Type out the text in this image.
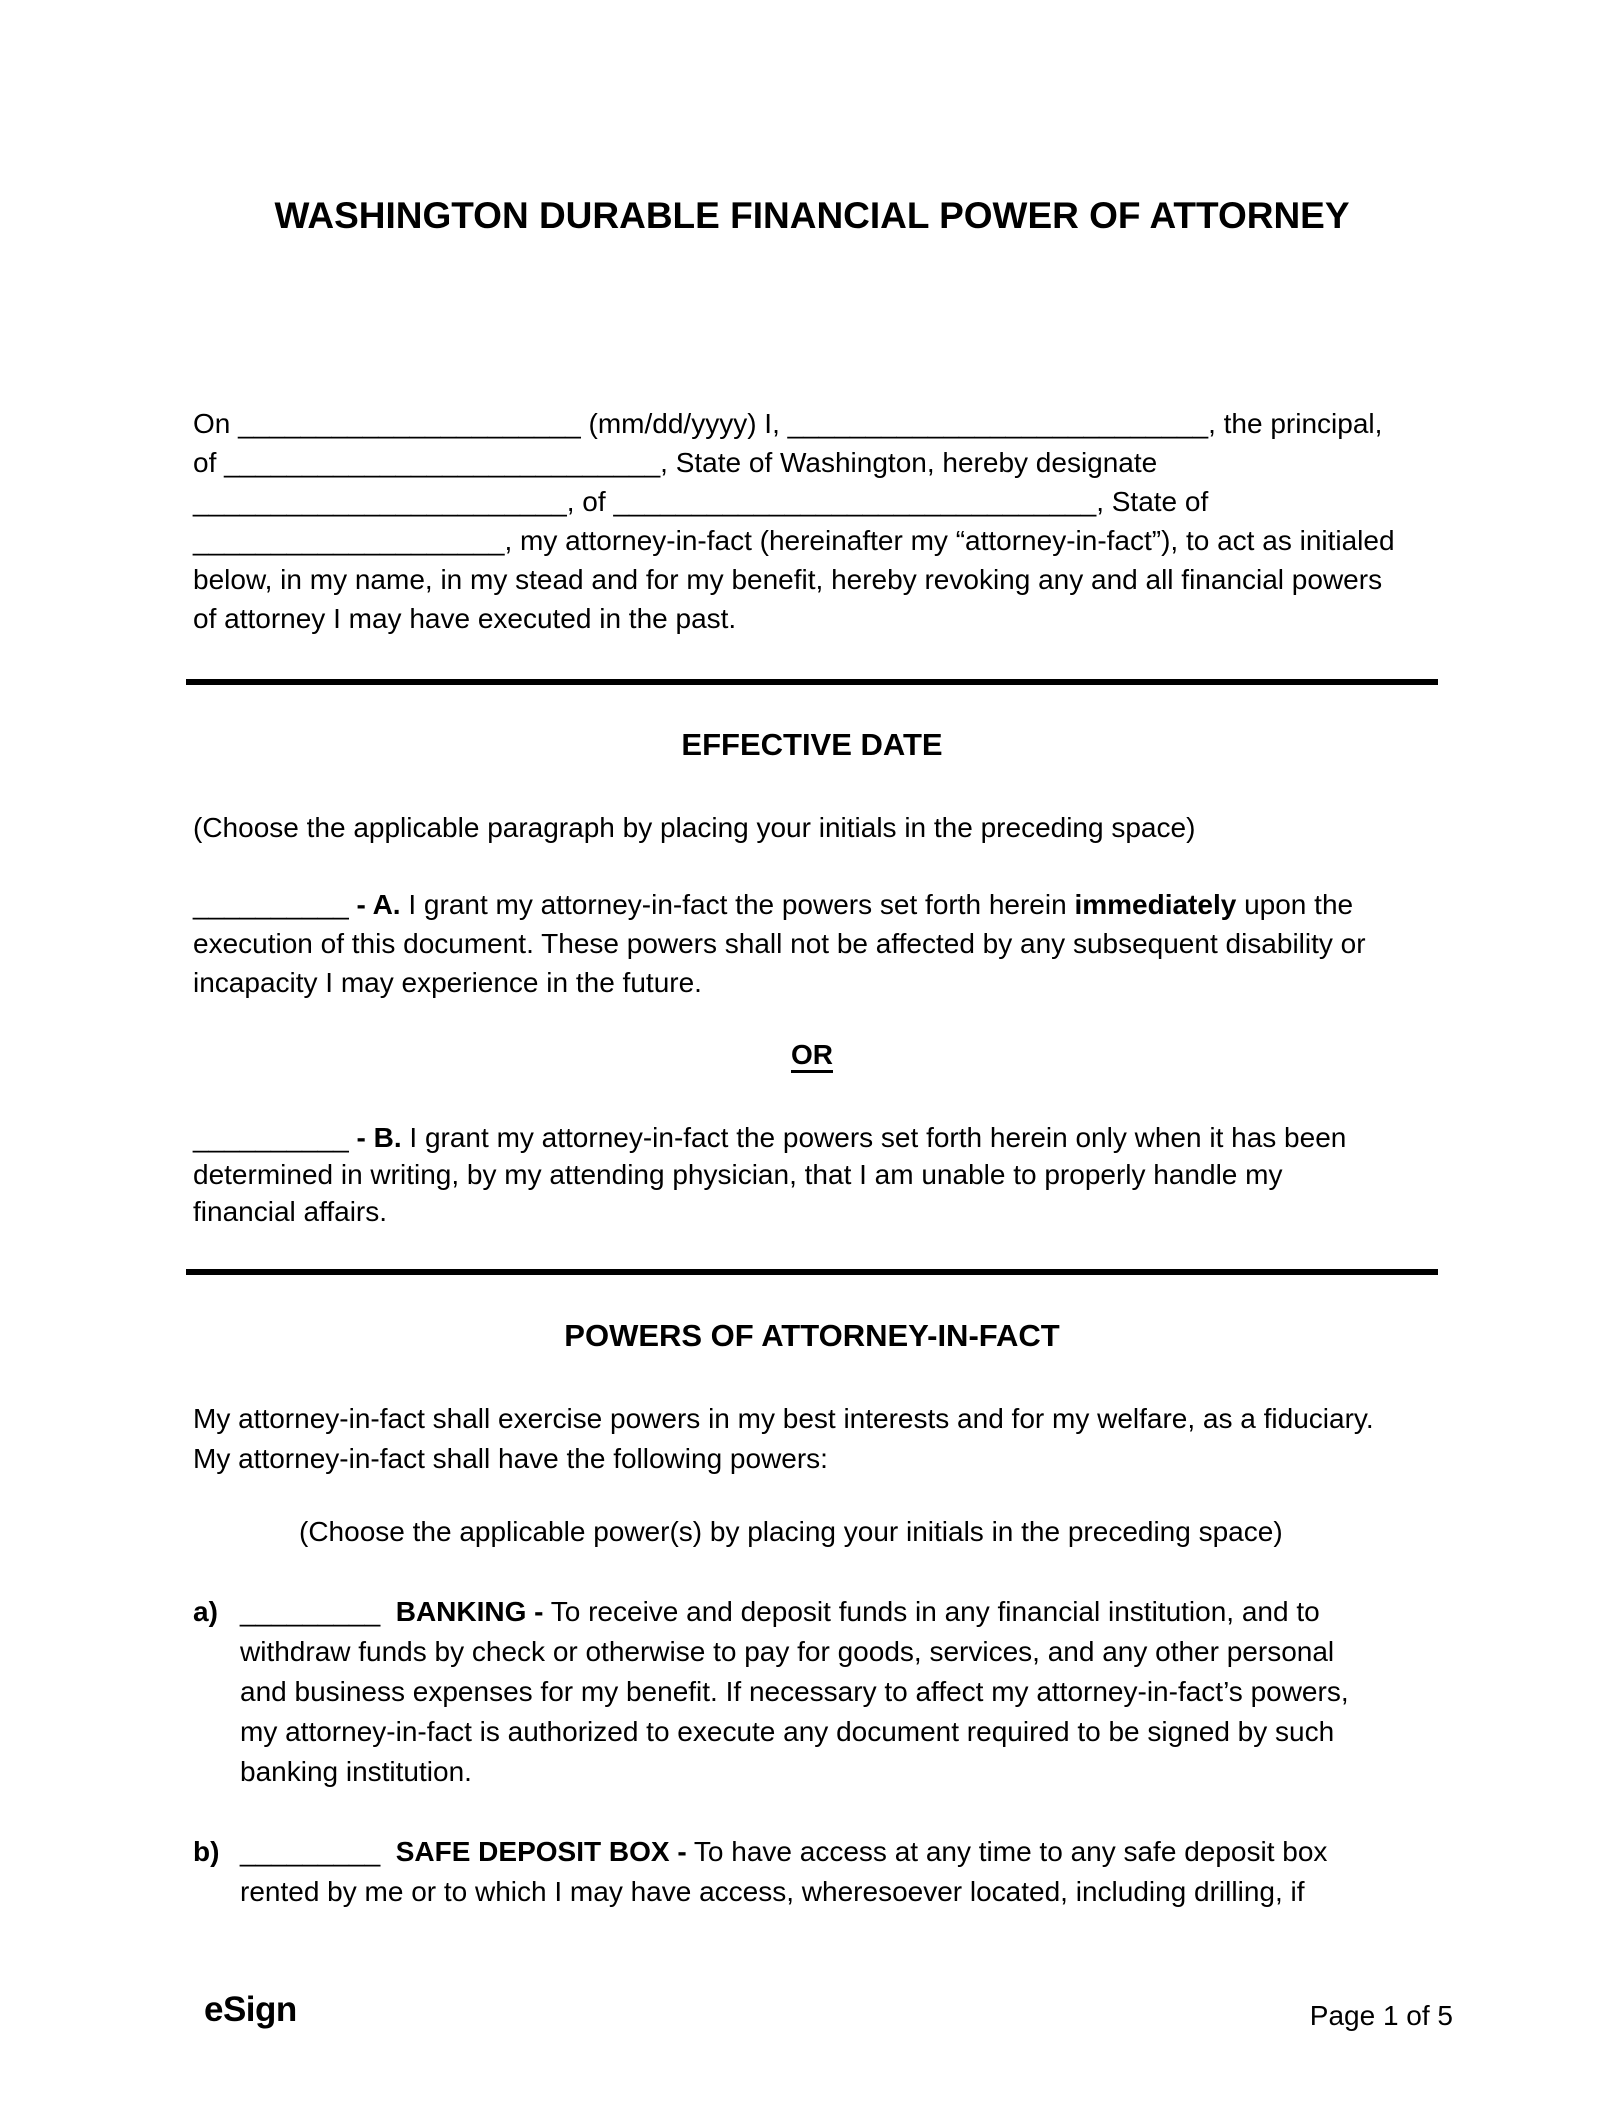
WASHINGTON DURABLE FINANCIAL POWER OF ATTORNEY
On ______________________ (mm/dd/yyyy) I, ___________________________, the principal,
of ____________________________, State of Washington, hereby designate
________________________, of _______________________________, State of
____________________, my attorney-in-fact (hereinafter my “attorney-in-fact”), to act as initialed
below, in my name, in my stead and for my benefit, hereby revoking any and all financial powers
of attorney I may have executed in the past.
EFFECTIVE DATE
(Choose the applicable paragraph by placing your initials in the preceding space)
__________ - A. I grant my attorney-in-fact the powers set forth herein immediately upon the
execution of this document. These powers shall not be affected by any subsequent disability or
incapacity I may experience in the future.
OR
__________ - B. I grant my attorney-in-fact the powers set forth herein only when it has been
determined in writing, by my attending physician, that I am unable to properly handle my
financial affairs.
POWERS OF ATTORNEY-IN-FACT
My attorney-in-fact shall exercise powers in my best interests and for my welfare, as a fiduciary.
My attorney-in-fact shall have the following powers:
(Choose the applicable power(s) by placing your initials in the preceding space)
a) _________ BANKING - To receive and deposit funds in any financial institution, and to
withdraw funds by check or otherwise to pay for goods, services, and any other personal
and business expenses for my benefit. If necessary to affect my attorney-in-fact’s powers,
my attorney-in-fact is authorized to execute any document required to be signed by such
banking institution.
b) _________ SAFE DEPOSIT BOX - To have access at any time to any safe deposit box
rented by me or to which I may have access, wheresoever located, including drilling, if
eSign	Page 1 of 5
